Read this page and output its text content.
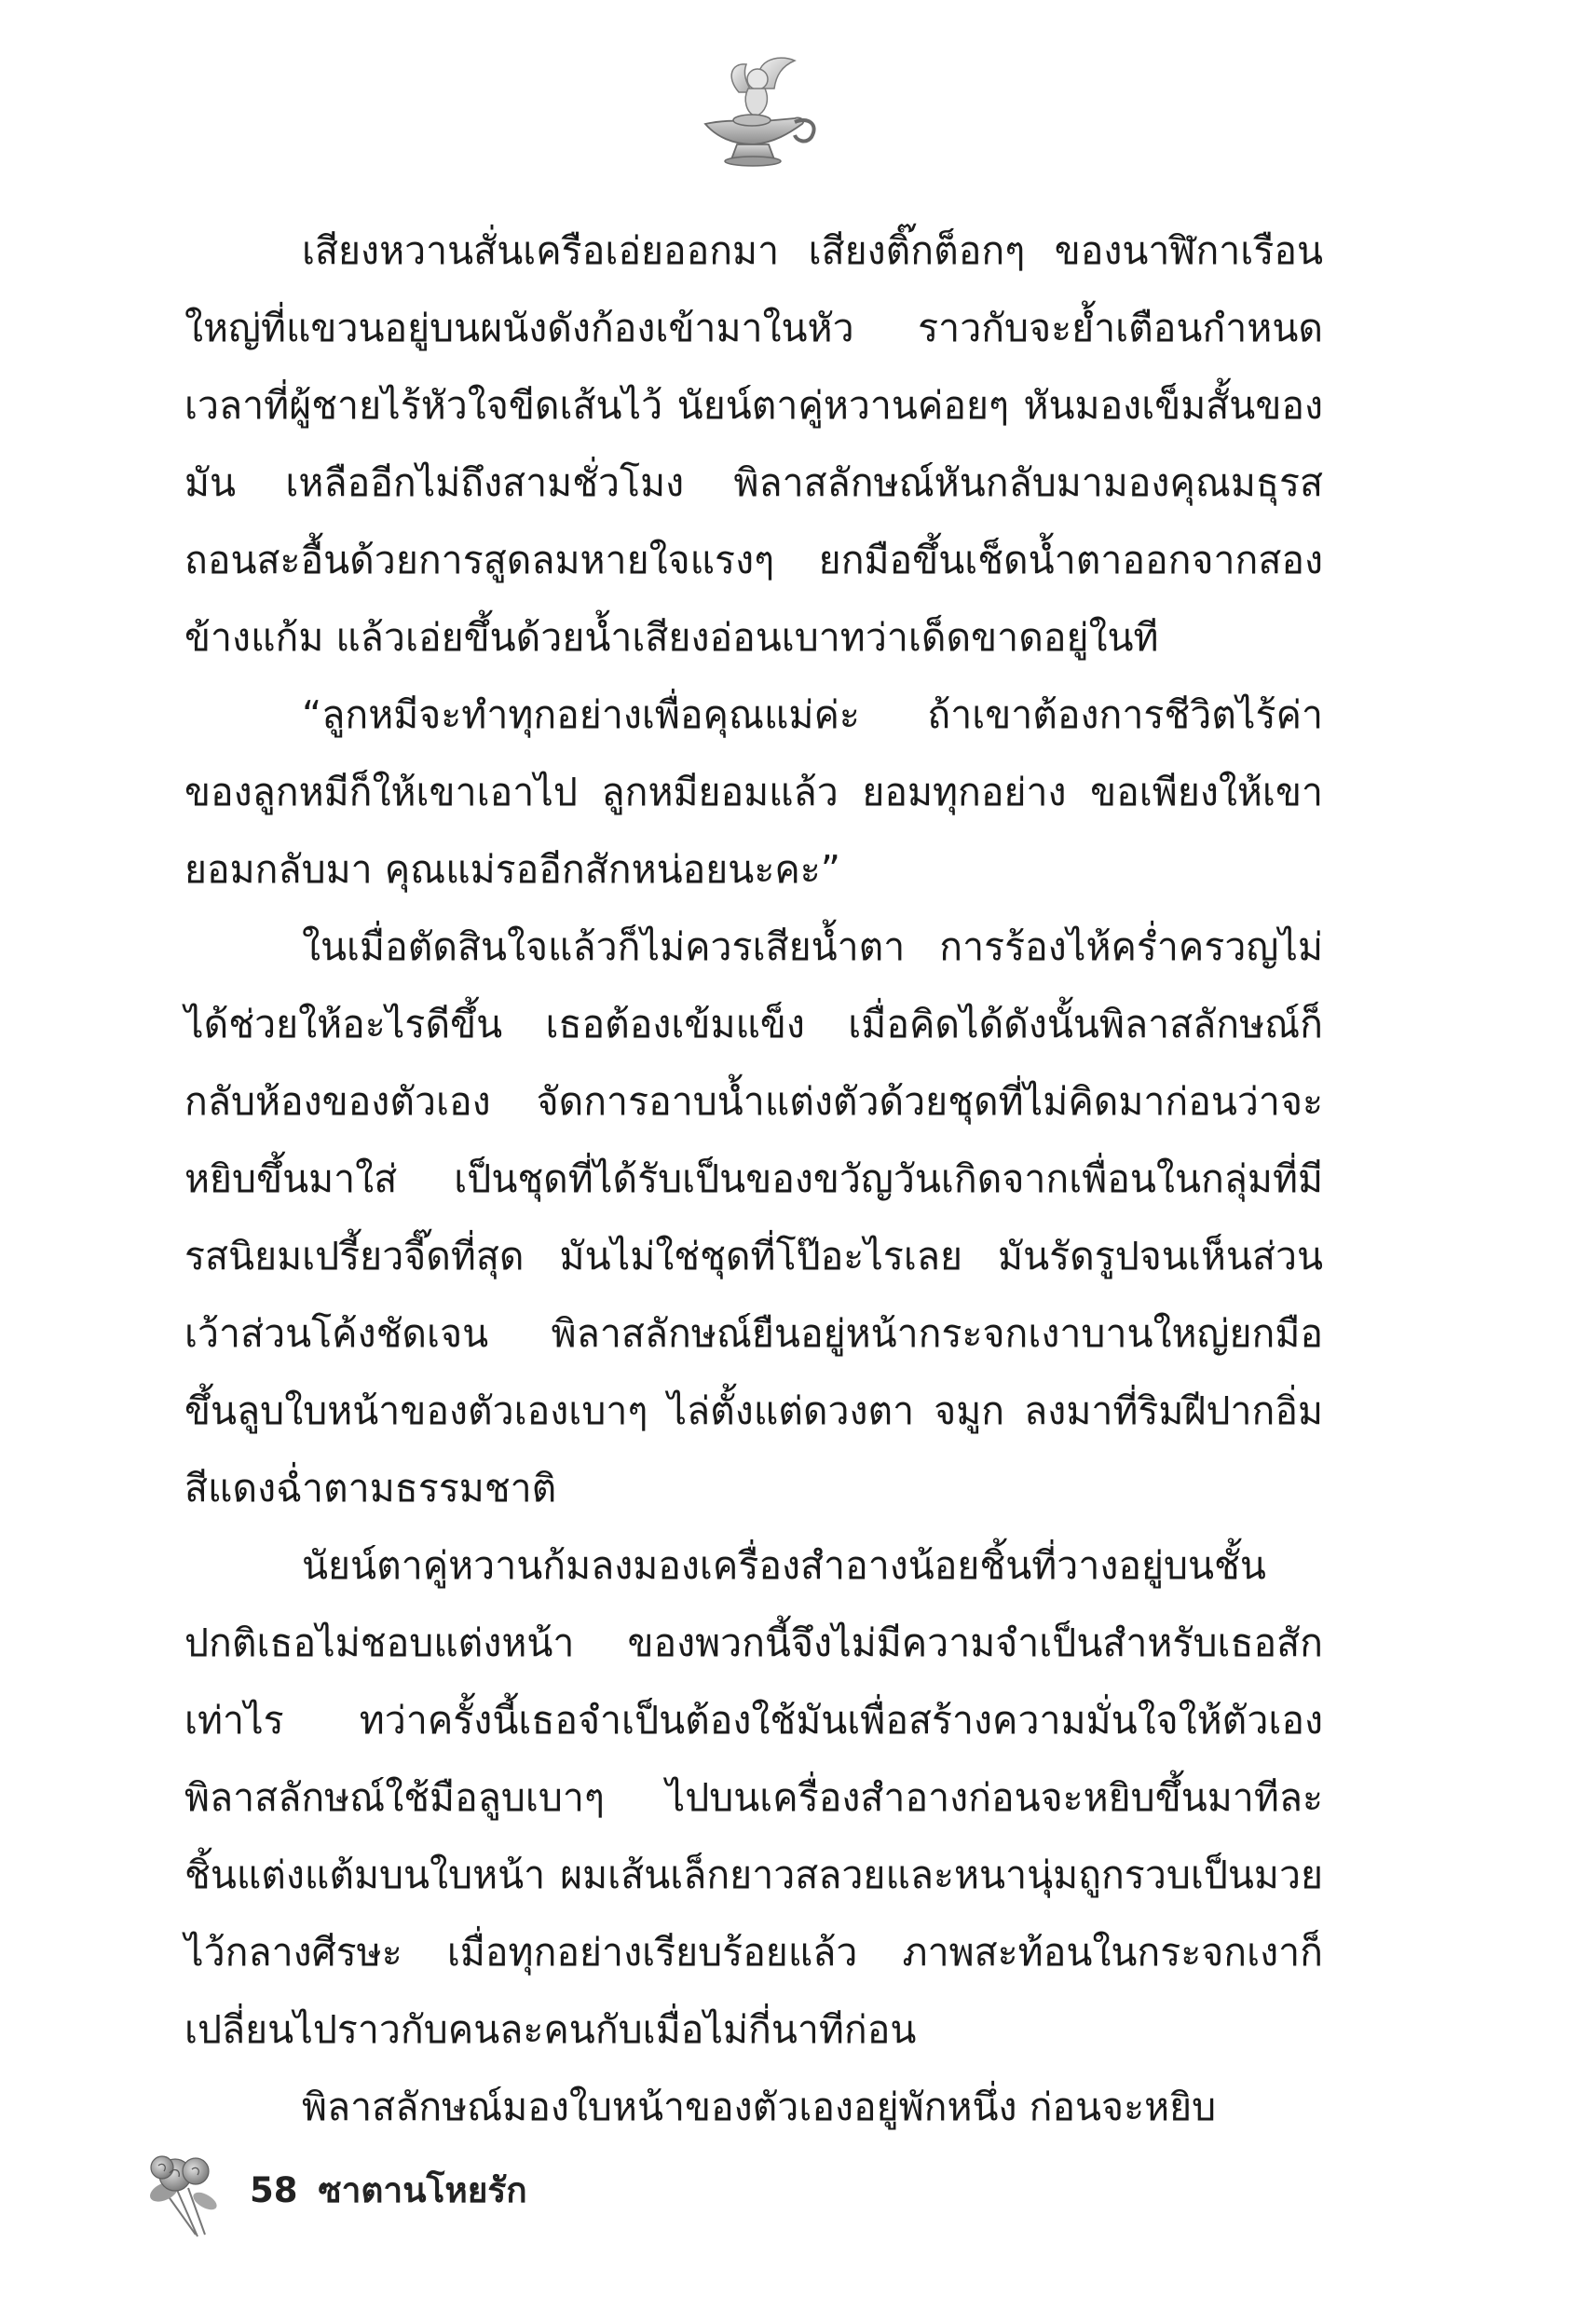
เสียงหวานสั่นเครือเอ่ยออกมา เสียงติ๊กต็อกๆ ของนาฬิกาเรือนใหญ่ที่แขวนอยู่บนผนังดังก้องเข้ามาในหัว ราวกับจะย้ำเตือนกำหนดเวลาที่ผู้ชายไร้หัวใจขีดเส้นไว้ นัยน์ตาคู่หวานค่อยๆ หันมองเข็มสั้นของมัน เหลืออีกไม่ถึงสามชั่วโมง พิลาสลักษณ์หันกลับมามองคุณมธุรส ถอนสะอื้นด้วยการสูดลมหายใจแรงๆ ยกมือขึ้นเช็ดน้ำตาออกจากสองข้างแก้ม แล้วเอ่ยขึ้นด้วยน้ำเสียงอ่อนเบาทว่าเด็ดขาดอยู่ในที

“ลูกหมีจะทำทุกอย่างเพื่อคุณแม่ค่ะ ถ้าเขาต้องการชีวิตไร้ค่าของลูกหมีก็ให้เขาเอาไป ลูกหมียอมแล้ว ยอมทุกอย่าง ขอเพียงให้เขายอมกลับมา คุณแม่รออีกสักหน่อยนะคะ”

ในเมื่อตัดสินใจแล้วก็ไม่ควรเสียน้ำตา การร้องไห้คร่ำครวญไม่ได้ช่วยให้อะไรดีขึ้น เธอต้องเข้มแข็ง เมื่อคิดได้ดังนั้นพิลาสลักษณ์ก็กลับห้องของตัวเอง จัดการอาบน้ำแต่งตัวด้วยชุดที่ไม่คิดมาก่อนว่าจะหยิบขึ้นมาใส่ เป็นชุดที่ได้รับเป็นของขวัญวันเกิดจากเพื่อนในกลุ่มที่มีรสนิยมเปรี้ยวจี๊ดที่สุด มันไม่ใช่ชุดที่โป๊อะไรเลย มันรัดรูปจนเห็นส่วนเว้าส่วนโค้งชัดเจน พิลาสลักษณ์ยืนอยู่หน้ากระจกเงาบานใหญ่ยกมือขึ้นลูบใบหน้าของตัวเองเบาๆ ไล่ตั้งแต่ดวงตา จมูก ลงมาที่ริมฝีปากอิ่มสีแดงฉ่ำตามธรรมชาติ

นัยน์ตาคู่หวานก้มลงมองเครื่องสำอางน้อยชิ้นที่วางอยู่บนชั้น ปกติเธอไม่ชอบแต่งหน้า ของพวกนี้จึงไม่มีความจำเป็นสำหรับเธอสักเท่าไร ทว่าครั้งนี้เธอจำเป็นต้องใช้มันเพื่อสร้างความมั่นใจให้ตัวเองพิลาสลักษณ์ใช้มือลูบเบาๆ ไปบนเครื่องสำอางก่อนจะหยิบขึ้นมาทีละชิ้นแต่งแต้มบนใบหน้า ผมเส้นเล็กยาวสลวยและหนานุ่มถูกรวบเป็นมวยไว้กลางศีรษะ เมื่อทุกอย่างเรียบร้อยแล้ว ภาพสะท้อนในกระจกเงาก็เปลี่ยนไปราวกับคนละคนกับเมื่อไม่กี่นาทีก่อน

พิลาสลักษณ์มองใบหน้าของตัวเองอยู่พักหนึ่ง ก่อนจะหยิบ

58 ซาตานโหยรัก
